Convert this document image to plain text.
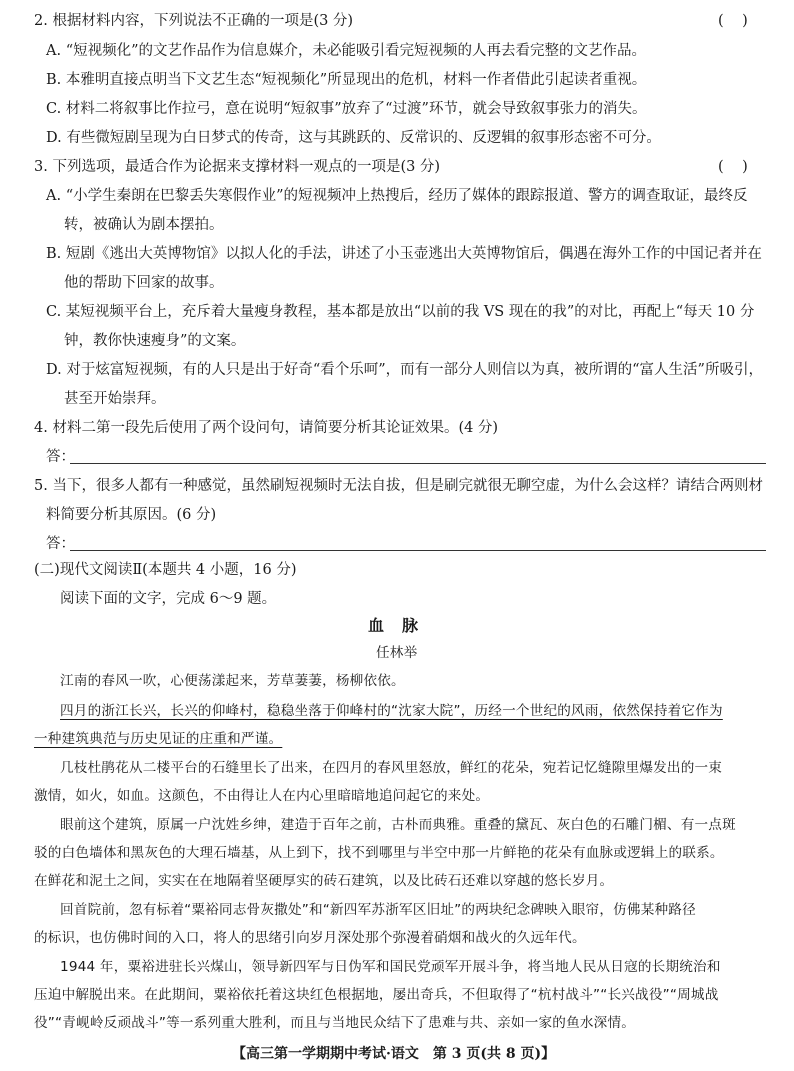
2. 根据材料内容，下列说法不正确的一项是(3 分)	(    )
A. “短视频化”的文艺作品作为信息媒介，未必能吸引看完短视频的人再去看完整的文艺作品。
B. 本雅明直接点明当下文艺生态“短视频化”所显现出的危机，材料一作者借此引起读者重视。
C. 材料二将叙事比作拉弓，意在说明“短叙事”放弃了“过渡”环节，就会导致叙事张力的消失。
D. 有些微短剧呈现为白日梦式的传奇，这与其跳跃的、反常识的、反逻辑的叙事形态密不可分。
3. 下列选项，最适合作为论据来支撑材料一观点的一项是(3 分)	(    )
A. “小学生秦朗在巴黎丢失寒假作业”的短视频冲上热搜后，经历了媒体的跟踪报道、警方的调查取证，最终反
转，被确认为剧本摆拍。
B. 短剧《逃出大英博物馆》以拟人化的手法，讲述了小玉壶逃出大英博物馆后，偶遇在海外工作的中国记者并在
他的帮助下回家的故事。
C. 某短视频平台上，充斥着大量瘦身教程，基本都是放出“以前的我 VS 现在的我”的对比，再配上“每天 10 分
钟，教你快速瘦身”的文案。
D. 对于炫富短视频，有的人只是出于好奇“看个乐呵”，而有一部分人则信以为真，被所谓的“富人生活”所吸引，
甚至开始崇拜。
4. 材料二第一段先后使用了两个设问句，请简要分析其论证效果。(4 分)
答：
5. 当下，很多人都有一种感觉，虽然刷短视频时无法自拔，但是刷完就很无聊空虚，为什么会这样？请结合两则材
料简要分析其原因。(6 分)
答：
(二)现代文阅读Ⅱ(本题共 4 小题，16 分)
阅读下面的文字，完成 6～9 题。
血脉
任林举
江南的春风一吹，心便荡漾起来，芳草萋萋，杨柳依依。
四月的浙江长兴，长兴的仰峰村，稳稳坐落于仰峰村的“沈家大院”，历经一个世纪的风雨，依然保持着它作为
一种建筑典范与历史见证的庄重和严谨。
几枝杜鹃花从二楼平台的石缝里长了出来，在四月的春风里怒放，鲜红的花朵，宛若记忆缝隙里爆发出的一束
激情，如火，如血。这颜色，不由得让人在内心里暗暗地追问起它的来处。
眼前这个建筑，原属一户沈姓乡绅，建造于百年之前，古朴而典雅。重叠的黛瓦、灰白色的石雕门楣、有一点斑
驳的白色墙体和黑灰色的大理石墙基，从上到下，找不到哪里与半空中那一片鲜艳的花朵有血脉或逻辑上的联系。
在鲜花和泥土之间，实实在在地隔着坚硬厚实的砖石建筑，以及比砖石还难以穿越的悠长岁月。
回首院前，忽有标着“粟裕同志骨灰撒处”和“新四军苏浙军区旧址”的两块纪念碑映入眼帘，仿佛某种路径
的标识，也仿佛时间的入口，将人的思绪引向岁月深处那个弥漫着硝烟和战火的久远年代。
1944 年，粟裕进驻长兴煤山，领导新四军与日伪军和国民党顽军开展斗争，将当地人民从日寇的长期统治和
压迫中解脱出来。在此期间，粟裕依托着这块红色根据地，屡出奇兵，不但取得了“杭村战斗”“长兴战役”“周城战
役”“青岘岭反顽战斗”等一系列重大胜利，而且与当地民众结下了患难与共、亲如一家的鱼水深情。
【高三第一学期期中考试·语文　第 3 页(共 8 页)】
